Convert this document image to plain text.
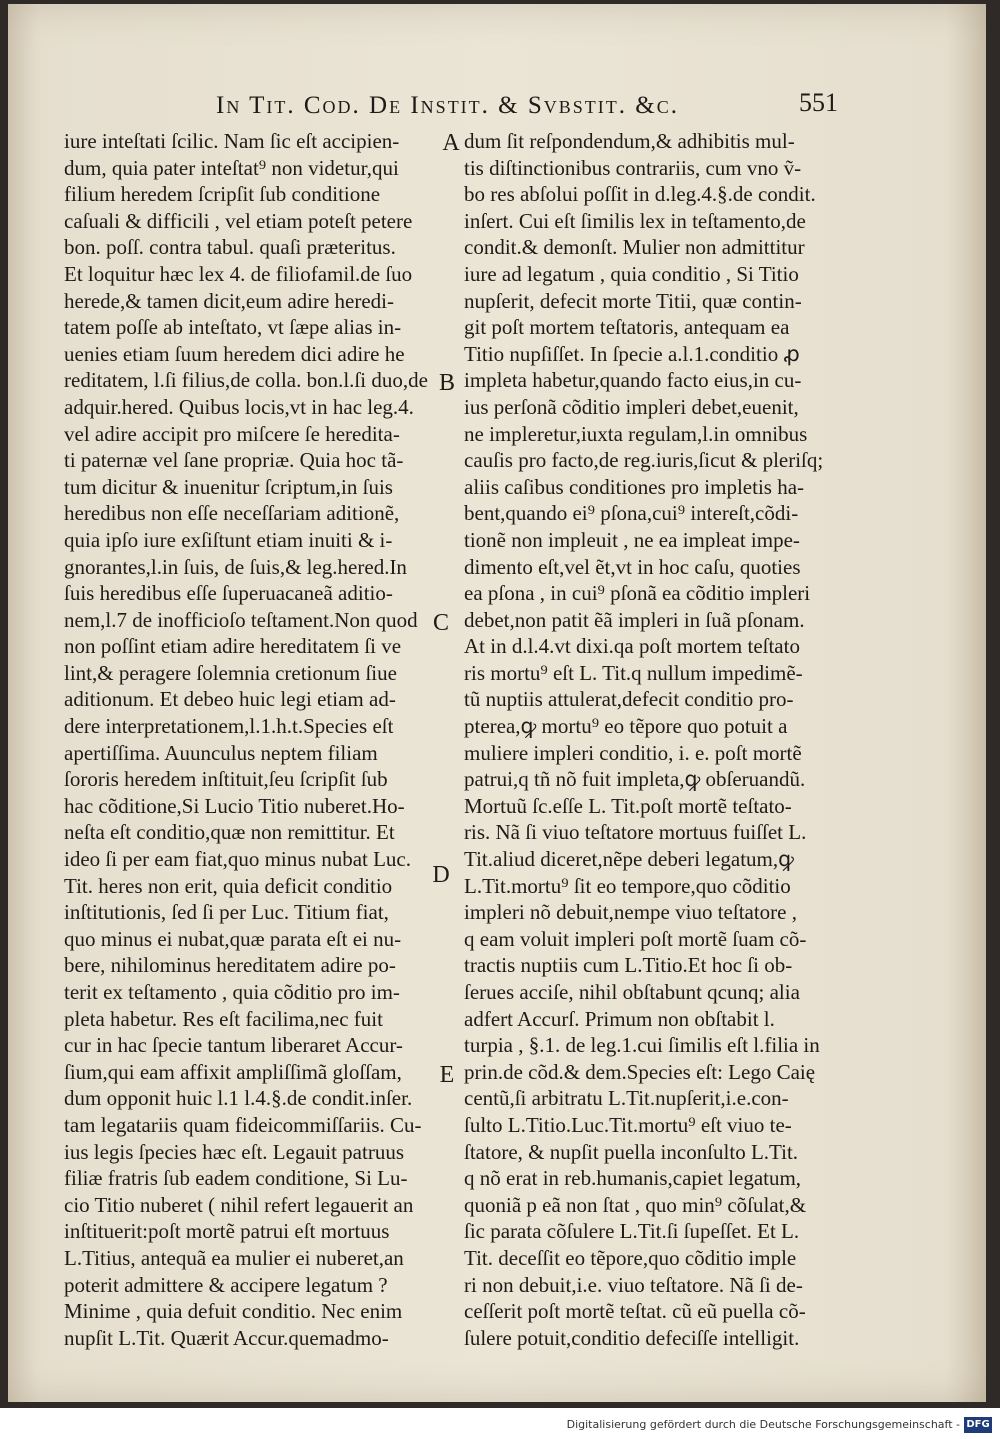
In Tit. Cod. De Instit. & Svbstit. &c.	551
iure inteſtati ſcilic. Nam ſic eſt accipien-
dum, quia pater inteſtat⁹ non videtur,qui
filium heredem ſcripſit ſub conditione
caſuali & difficili , vel etiam poteſt petere
bon. poſſ. contra tabul. quaſi præteritus.
Et loquitur hæc lex 4. de filiofamil.de ſuo
herede,& tamen dicit,eum adire heredi-
tatem poſſe ab inteſtato, vt ſæpe alias in-
uenies etiam ſuum heredem dici adire he
reditatem, l.ſi filius,de colla. bon.l.ſi duo,de
adquir.hered. Quibus locis,vt in hac leg.4.
vel adire accipit pro miſcere ſe heredita-
ti paternæ vel ſane propriæ. Quia hoc tã-
tum dicitur & inuenitur ſcriptum,in ſuis
heredibus non eſſe neceſſariam aditionẽ,
quia ipſo iure exſiſtunt etiam inuiti & i-
gnorantes,l.in ſuis, de ſuis,& leg.hered.In
ſuis heredibus eſſe ſuperuacaneã aditio-
nem,l.7 de inofficioſo teſtament.Non quod
non poſſint etiam adire hereditatem ſi ve
lint,& peragere ſolemnia cretionum ſiue
aditionum. Et debeo huic legi etiam ad-
dere interpretationem,l.1.h.t.Species eſt
apertiſſima. Auunculus neptem filiam
ſororis heredem inſtituit,ſeu ſcripſit ſub
hac cõditione,Si Lucio Titio nuberet.Ho-
neſta eſt conditio,quæ non remittitur. Et
ideo ſi per eam fiat,quo minus nubat Luc.
Tit. heres non erit, quia deficit conditio
inſtitutionis, ſed ſi per Luc. Titium fiat,
quo minus ei nubat,quæ parata eſt ei nu-
bere, nihilominus hereditatem adire po-
terit ex teſtamento , quia cõditio pro im-
pleta habetur. Res eſt facilima,nec fuit
cur in hac ſpecie tantum liberaret Accur-
ſium,qui eam affixit ampliſſimã gloſſam,
dum opponit huic l.1 l.4.§.de condit.inſer.
tam legatariis quam fideicommiſſariis. Cu-
ius legis ſpecies hæc eſt. Legauit patruus
filiæ fratris ſub eadem conditione, Si Lu-
cio Titio nuberet ( nihil refert legauerit an
inſtituerit:poſt mortẽ patrui eſt mortuus
L.Titius, antequã ea mulier ei nuberet,an
poterit admittere & accipere legatum ?
Minime , quia defuit conditio. Nec enim
nupſit L.Tit. Quærit Accur.quemadmo-
dum ſit reſpondendum,& adhibitis mul-
tis diſtinctionibus contrariis, cum vno ṽ-
bo res abſolui poſſit in d.leg.4.§.de condit.
inſert. Cui eſt ſimilis lex in teſtamento,de
condit.& demonſt. Mulier non admittitur
iure ad legatum , quia conditio , Si Titio
nupſerit, defecit morte Titii, quæ contin-
git poſt mortem teſtatoris, antequam ea
Titio nupſiſſet. In ſpecie a.l.1.conditio ꝓ
impleta habetur,quando facto eius,in cu-
ius perſonã cõditio impleri debet,euenit,
ne impleretur,iuxta regulam,l.in omnibus
cauſis pro facto,de reg.iuris,ſicut & pleriſq;
aliis caſibus conditiones pro impletis ha-
bent,quando ei⁹ pſona,cui⁹ intereſt,cõdi-
tionẽ non impleuit , ne ea impleat impe-
dimento eſt,vel ẽt,vt in hoc caſu, quoties
ea pſona , in cui⁹ pſonã ea cõditio impleri
debet,non patit ẽã impleri in ſuã pſonam.
At in d.l.4.vt dixi.qa poſt mortem teſtato
ris mortu⁹ eſt L. Tit.q nullum impedimẽ-
tũ nuptiis attulerat,defecit conditio pro-
pterea,ꝙ mortu⁹ eo tẽpore quo potuit a
muliere impleri conditio, i. e. poſt mortẽ
patrui,q tñ nõ fuit impleta,ꝙ obſeruandũ.
Mortuũ ſc.eſſe L. Tit.poſt mortẽ teſtato-
ris. Nã ſi viuo teſtatore mortuus fuiſſet L.
Tit.aliud diceret,nẽpe deberi legatum,ꝙ
L.Tit.mortu⁹ ſit eo tempore,quo cõditio
impleri nõ debuit,nempe viuo teſtatore ,
q eam voluit impleri poſt mortẽ ſuam cõ-
tractis nuptiis cum L.Titio.Et hoc ſi ob-
ſerues acciſe, nihil obſtabunt qcunq; alia
adfert Accurſ. Primum non obſtabit l.
turpia , §.1. de leg.1.cui ſimilis eſt l.filia in
prin.de cõd.& dem.Species eſt: Lego Caię
centũ,ſi arbitratu L.Tit.nupſerit,i.e.con-
ſulto L.Titio.Luc.Tit.mortu⁹ eſt viuo te-
ſtatore, & nupſit puella inconſulto L.Tit.
q nõ erat in reb.humanis,capiet legatum,
quoniã p eã non ſtat , quo min⁹ cõſulat,&
ſic parata cõſulere L.Tit.ſi ſupeſſet. Et L.
Tit. deceſſit eo tẽpore,quo cõditio imple
ri non debuit,i.e. viuo teſtatore. Nã ſi de-
ceſſerit poſt mortẽ teſtat. cũ eũ puella cõ-
ſulere potuit,conditio defeciſſe intelligit.
A
B
C
D
E
Digitalisierung gefördert durch die Deutsche Forschungsgemeinschaft - DFG
